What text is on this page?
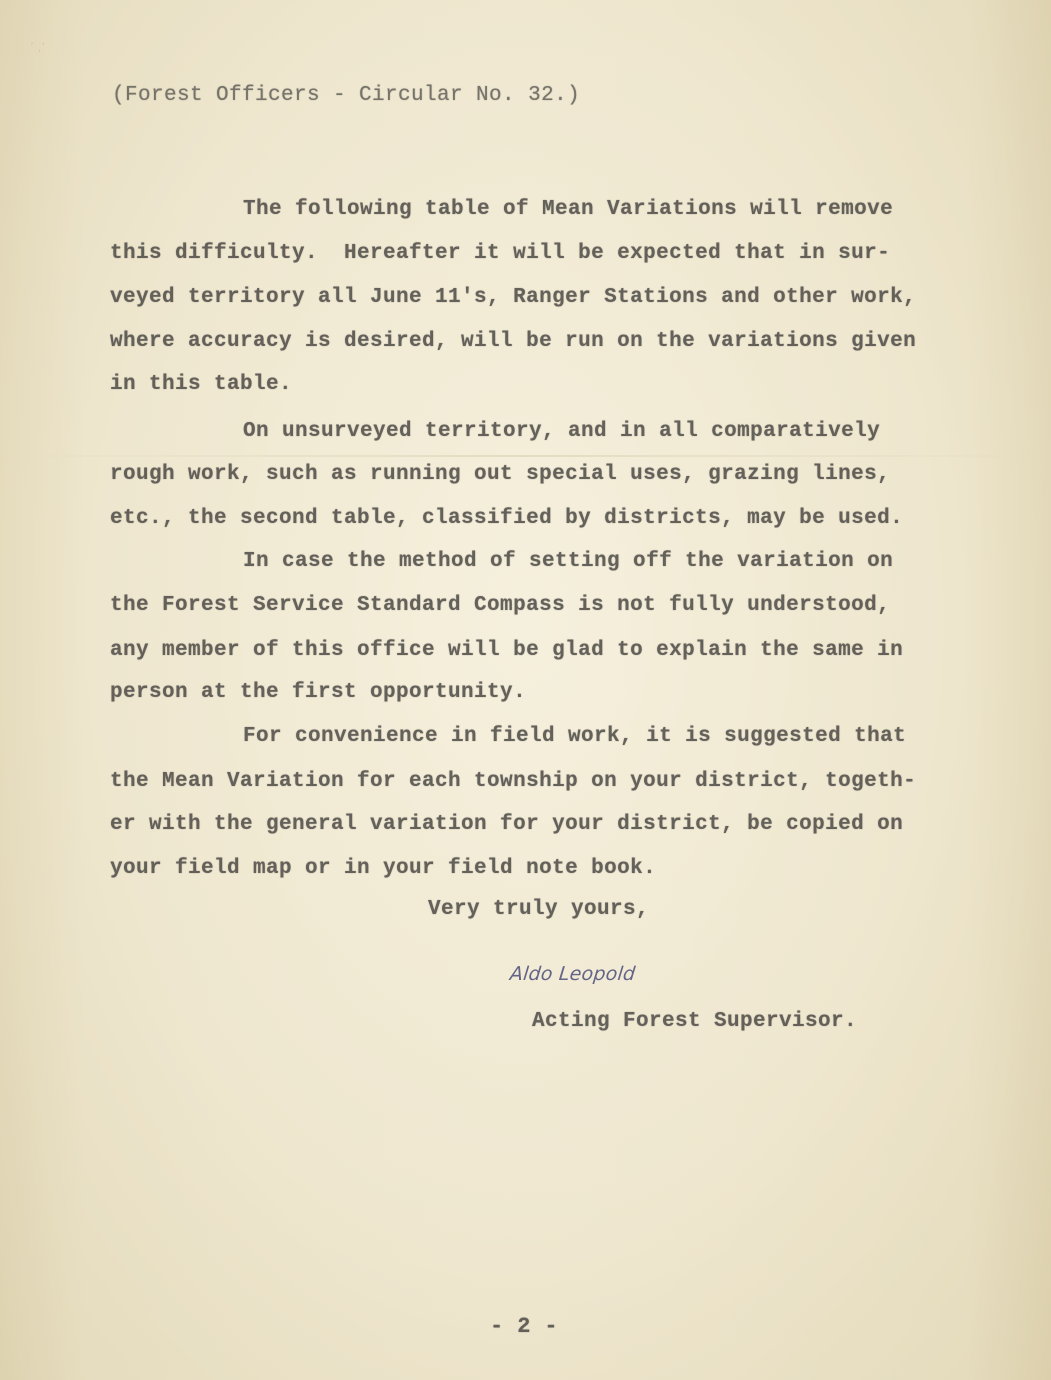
’ ,‘
(Forest Officers - Circular No. 32.)
The following table of Mean Variations will remove
this difficulty.  Hereafter it will be expected that in sur-
veyed territory all June 11's, Ranger Stations and other work,
where accuracy is desired, will be run on the variations given
in this table.
On unsurveyed territory, and in all comparatively
rough work, such as running out special uses, grazing lines,
etc., the second table, classified by districts, may be used.
In case the method of setting off the variation on
the Forest Service Standard Compass is not fully understood,
any member of this office will be glad to explain the same in
person at the first opportunity.
For convenience in field work, it is suggested that
the Mean Variation for each township on your district, togeth-
er with the general variation for your district, be copied on
your field map or in your field note book.
Very truly yours,
Aldo Leopold
Acting Forest Supervisor.
- 2 -
